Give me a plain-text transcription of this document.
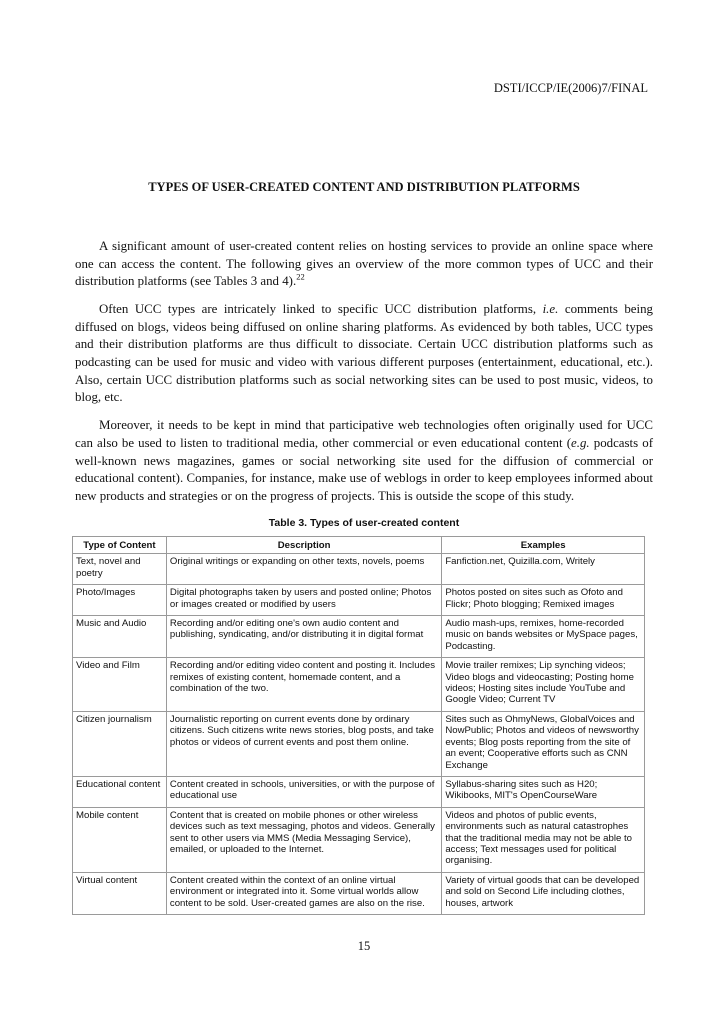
DSTI/ICCP/IE(2006)7/FINAL
TYPES OF USER-CREATED CONTENT AND DISTRIBUTION PLATFORMS

A significant amount of user-created content relies on hosting services to provide an online space where one can access the content. The following gives an overview of the more common types of UCC and their distribution platforms (see Tables 3 and 4).$^{22}$

Often UCC types are intricately linked to specific UCC distribution platforms, i.e. comments being diffused on blogs, videos being diffused on online sharing platforms. As evidenced by both tables, UCC types and their distribution platforms are thus difficult to dissociate. Certain UCC distribution platforms such as podcasting can be used for music and video with various different purposes (entertainment, educational, etc.). Also, certain UCC distribution platforms such as social networking sites can be used to post music, videos, to blog, etc.

Moreover, it needs to be kept in mind that participative web technologies often originally used for UCC can also be used to listen to traditional media, other commercial or even educational content (e.g. podcasts of well-known news magazines, games or social networking site used for the diffusion of commercial or educational content). Companies, for instance, make use of weblogs in order to keep employees informed about new products and strategies or on the progress of projects. This is outside the scope of this study.

Table 3. Types of user-created content
Type of Content	Description	Examples
Text, novel and poetry	Original writings or expanding on other texts, novels, poems	Fanfiction.net, Quizilla.com, Writely
Photo/Images	Digital photographs taken by users and posted online; Photos or images created or modified by users	Photos posted on sites such as Ofoto and Flickr; Photo blogging; Remixed images
Music and Audio	Recording and/or editing one's own audio content and publishing, syndicating, and/or distributing it in digital format	Audio mash-ups, remixes, home-recorded music on bands websites or MySpace pages, Podcasting.
Video and Film	Recording and/or editing video content and posting it. Includes remixes of existing content, homemade content, and a combination of the two.	Movie trailer remixes; Lip synching videos; Video blogs and videocasting; Posting home videos; Hosting sites include YouTube and Google Video; Current TV
Citizen journalism	Journalistic reporting on current events done by ordinary citizens. Such citizens write news stories, blog posts, and take photos or videos of current events and post them online.	Sites such as OhmyNews, GlobalVoices and NowPublic; Photos and videos of newsworthy events; Blog posts reporting from the site of an event; Cooperative efforts such as CNN Exchange
Educational content	Content created in schools, universities, or with the purpose of educational use	Syllabus-sharing sites such as H20; Wikibooks, MIT's OpenCourseWare
Mobile content	Content that is created on mobile phones or other wireless devices such as text messaging, photos and videos. Generally sent to other users via MMS (Media Messaging Service), emailed, or uploaded to the Internet.	Videos and photos of public events, environments such as natural catastrophes that the traditional media may not be able to access; Text messages used for political organising.
Virtual content	Content created within the context of an online virtual environment or integrated into it. Some virtual worlds allow content to be sold. User-created games are also on the rise.	Variety of virtual goods that can be developed and sold on Second Life including clothes, houses, artwork
15
